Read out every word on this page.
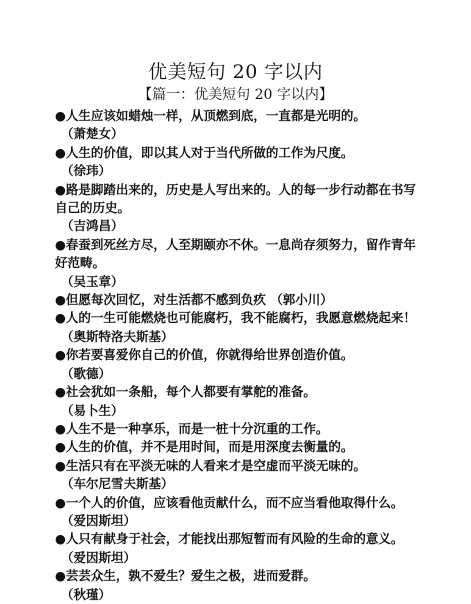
优美短句 20 字以内
【篇一：优美短句 20 字以内】
●人生应该如蜡烛一样，从顶燃到底，一直都是光明的。
（萧楚女）
●人生的价值，即以其人对于当代所做的工作为尺度。
（徐玮）
●路是脚踏出来的，历史是人写出来的。人的每一步行动都在书写自己的历史。
（吉鸿昌）
●春蚕到死丝方尽，人至期颐亦不休。一息尚存须努力，留作青年好范畴。
（吴玉章）
●但愿每次回忆，对生活都不感到负疚 （郭小川）
●人的一生可能燃烧也可能腐朽，我不能腐朽，我愿意燃烧起来！
（奥斯特洛夫斯基）
●你若要喜爱你自己的价值，你就得给世界创造价值。
（歌德）
●社会犹如一条船，每个人都要有掌舵的准备。
（易卜生）
●人生不是一种享乐，而是一桩十分沉重的工作。
●人生的价值，并不是用时间，而是用深度去衡量的。
●生活只有在平淡无味的人看来才是空虚而平淡无味的。
（车尔尼雪夫斯基）
●一个人的价值，应该看他贡献什么，而不应当看他取得什么。
（爱因斯坦）
●人只有献身于社会，才能找出那短暂而有风险的生命的意义。
（爱因斯坦）
●芸芸众生，孰不爱生？爱生之极，进而爱群。
（秋瑾）
